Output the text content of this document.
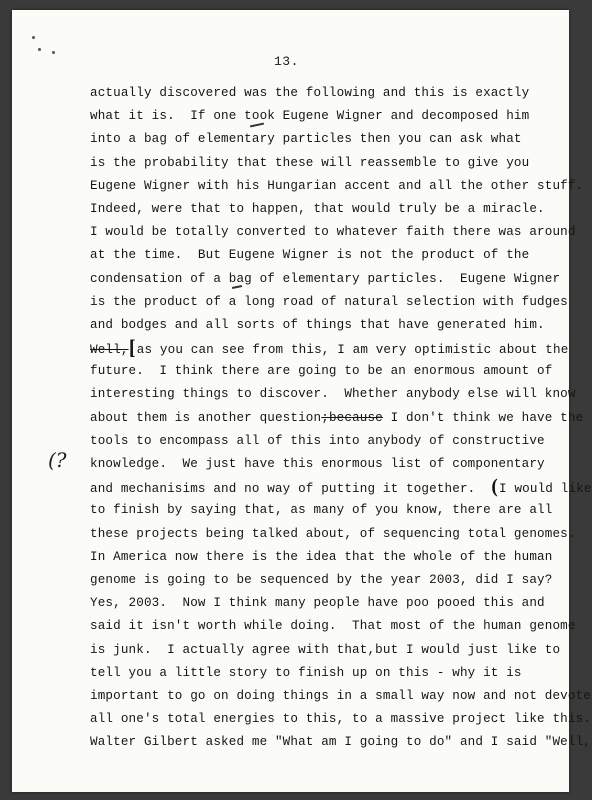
13.
(?
actually discovered was the following and this is exactly
what it is.  If one took Eugene Wigner and decomposed him
into a bag of elementary particles then you can ask what
is the probability that these will reassemble to give you
Eugene Wigner with his Hungarian accent and all the other stuff.
Indeed, were that to happen, that would truly be a miracle.
I would be totally converted to whatever faith there was around
at the time.  But Eugene Wigner is not the product of the
condensation of a bag of elementary particles.  Eugene Wigner
is the product of a long road of natural selection with fudges
and bodges and all sorts of things that have generated him.
Well,[as you can see from this, I am very optimistic about the
future.  I think there are going to be an enormous amount of
interesting things to discover.  Whether anybody else will know
about them is another question;because I don't think we have the
tools to encompass all of this into anybody of constructive
knowledge.  We just have this enormous list of componentary
and mechanisims and no way of putting it together.  (I would like
to finish by saying that, as many of you know, there are all
these projects being talked about, of sequencing total genomes.
In America now there is the idea that the whole of the human
genome is going to be sequenced by the year 2003, did I say?
Yes, 2003.  Now I think many people have poo pooed this and
said it isn't worth while doing.  That most of the human genome
is junk.  I actually agree with that,but I would just like to
tell you a little story to finish up on this - why it is
important to go on doing things in a small way now and not devote
all one's total energies to this, to a massive project like this.
Walter Gilbert asked me "What am I going to do" and I said "Well,
